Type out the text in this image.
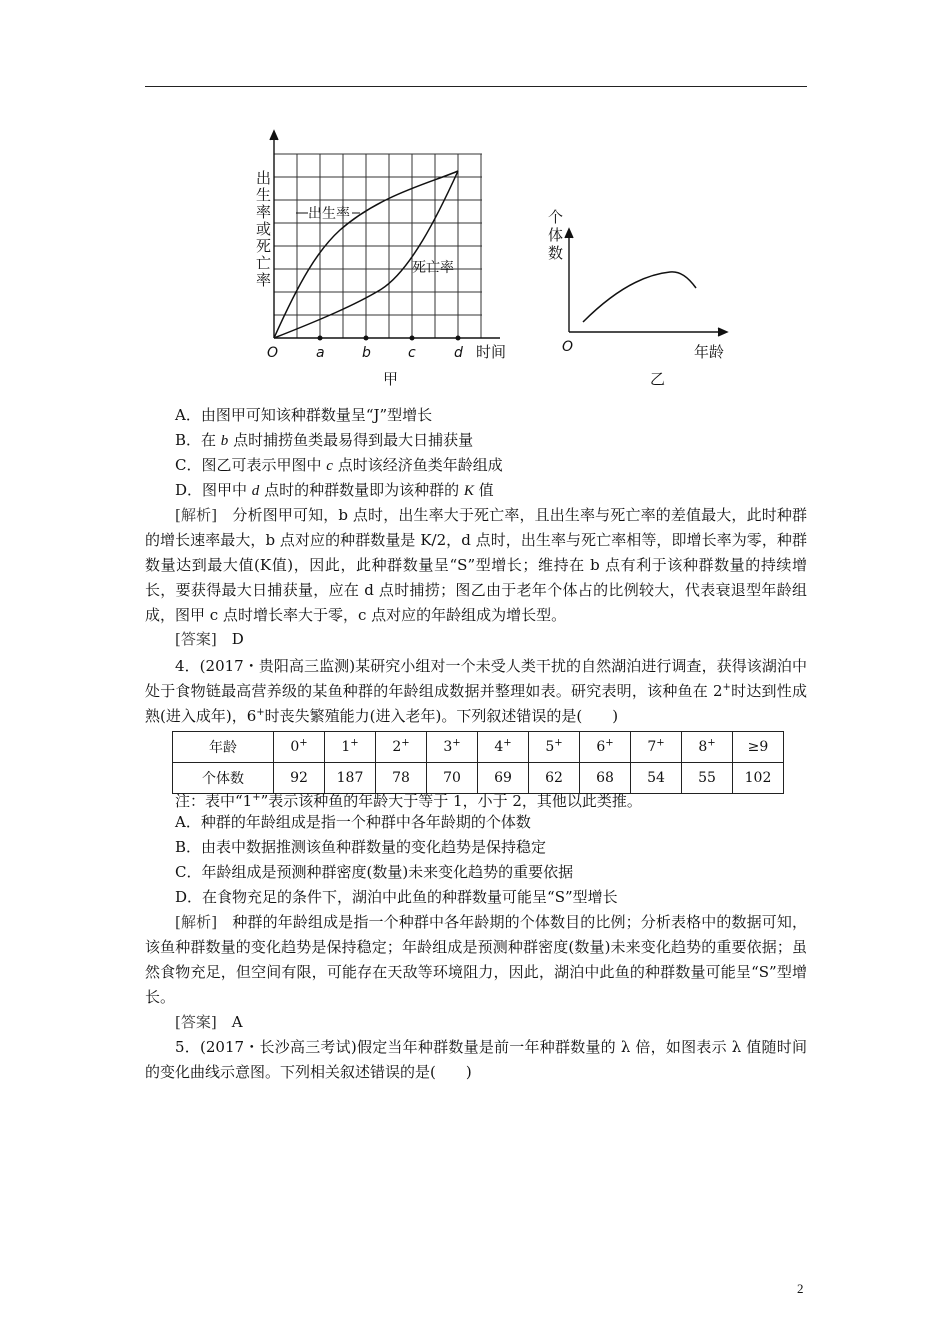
出 生 率 或 死 亡 率
出生率
死亡率
O	a	b	c	d 时间
甲
个 体 数
O	年龄
乙
A．由图甲可知该种群数量呈“J”型增长
B．在 b 点时捕捞鱼类最易得到最大日捕获量
C．图乙可表示甲图中 c 点时该经济鱼类年龄组成
D．图甲中 d 点时的种群数量即为该种群的 K 值
[解析]　分析图甲可知，b 点时，出生率大于死亡率，且出生率与死亡率的差值最大，此时种群的增长速率最大，b 点对应的种群数量是 K/2，d 点时，出生率与死亡率相等，即增长率为零，种群数量达到最大值(K值)，因此，此种群数量呈“S”型增长；维持在 b 点有利于该种群数量的持续增长，要获得最大日捕获量，应在 d 点时捕捞；图乙由于老年个体占的比例较大，代表衰退型年龄组成，图甲 c 点时增长率大于零，c 点对应的年龄组成为增长型。
[答案]　D
4．(2017・贵阳高三监测)某研究小组对一个未受人类干扰的自然湖泊进行调查，获得该湖泊中处于食物链最高营养级的某鱼种群的年龄组成数据并整理如表。研究表明，该种鱼在 2+时达到性成熟(进入成年)，6+时丧失繁殖能力(进入老年)。下列叙述错误的是(　　)
年龄	0+	1+	2+	3+	4+	5+	6+	7+	8+	≥9
个体数	92	187	78	70	69	62	68	54	55	102
注：表中“1+”表示该种鱼的年龄大于等于 1，小于 2，其他以此类推。
A．种群的年龄组成是指一个种群中各年龄期的个体数
B．由表中数据推测该鱼种群数量的变化趋势是保持稳定
C．年龄组成是预测种群密度(数量)未来变化趋势的重要依据
D．在食物充足的条件下，湖泊中此鱼的种群数量可能呈“S”型增长
[解析]　种群的年龄组成是指一个种群中各年龄期的个体数目的比例；分析表格中的数据可知，该鱼种群数量的变化趋势是保持稳定；年龄组成是预测种群密度(数量)未来变化趋势的重要依据；虽然食物充足，但空间有限，可能存在天敌等环境阻力，因此，湖泊中此鱼的种群数量可能呈“S”型增长。
[答案]　A
5．(2017・长沙高三考试)假定当年种群数量是前一年种群数量的 λ 倍，如图表示 λ 值随时间的变化曲线示意图。下列相关叙述错误的是(　　)
2
